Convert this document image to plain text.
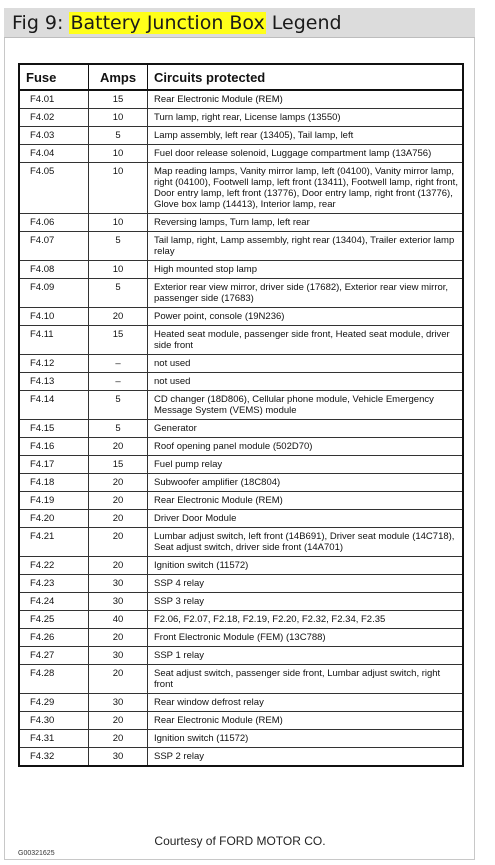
Fig 9: Battery Junction Box Legend
Fuse	Amps	Circuits protected
F4.01	15	Rear Electronic Module (REM)
F4.02	10	Turn lamp, right rear, License lamps (13550)
F4.03	5	Lamp assembly, left rear (13405), Tail lamp, left
F4.04	10	Fuel door release solenoid, Luggage compartment lamp (13A756)
F4.05	10	Map reading lamps, Vanity mirror lamp, left (04100), Vanity mirror lamp, right (04100), Footwell lamp, left front (13411), Footwell lamp, right front, Door entry lamp, left front (13776), Door entry lamp, right front (13776), Glove box lamp (14413), Interior lamp, rear
F4.06	10	Reversing lamps, Turn lamp, left rear
F4.07	5	Tail lamp, right, Lamp assembly, right rear (13404), Trailer exterior lamp relay
F4.08	10	High mounted stop lamp
F4.09	5	Exterior rear view mirror, driver side (17682), Exterior rear view mirror, passenger side (17683)
F4.10	20	Power point, console (19N236)
F4.11	15	Heated seat module, passenger side front, Heated seat module, driver side front
F4.12	–	not used
F4.13	–	not used
F4.14	5	CD changer (18D806), Cellular phone module, Vehicle Emergency Message System (VEMS) module
F4.15	5	Generator
F4.16	20	Roof opening panel module (502D70)
F4.17	15	Fuel pump relay
F4.18	20	Subwoofer amplifier (18C804)
F4.19	20	Rear Electronic Module (REM)
F4.20	20	Driver Door Module
F4.21	20	Lumbar adjust switch, left front (14B691), Driver seat module (14C718), Seat adjust switch, driver side front (14A701)
F4.22	20	Ignition switch (11572)
F4.23	30	SSP 4 relay
F4.24	30	SSP 3 relay
F4.25	40	F2.06, F2.07, F2.18, F2.19, F2.20, F2.32, F2.34, F2.35
F4.26	20	Front Electronic Module (FEM) (13C788)
F4.27	30	SSP 1 relay
F4.28	20	Seat adjust switch, passenger side front, Lumbar adjust switch, right front
F4.29	30	Rear window defrost relay
F4.30	20	Rear Electronic Module (REM)
F4.31	20	Ignition switch (11572)
F4.32	30	SSP 2 relay
G00321625
Courtesy of FORD MOTOR CO.
